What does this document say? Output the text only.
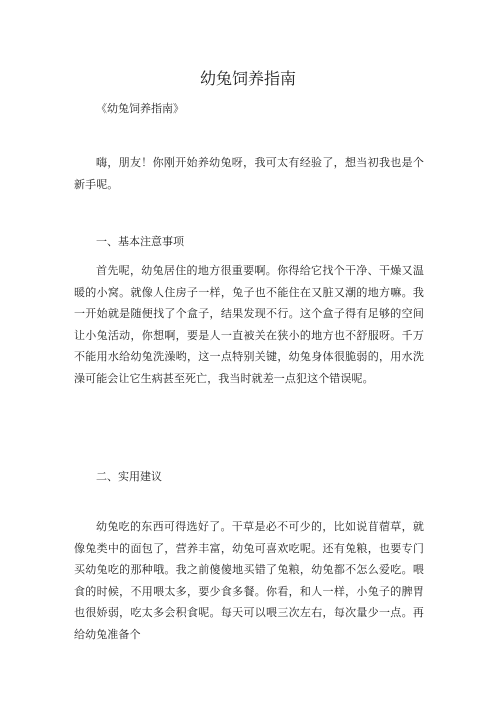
幼兔饲养指南

《幼兔饲养指南》

嗨，朋友！你刚开始养幼兔呀，我可太有经验了，想当初我也是个新手呢。

一、基本注意事项

首先呢，幼兔居住的地方很重要啊。你得给它找个干净、干燥又温暖的小窝。就像人住房子一样，兔子也不能住在又脏又潮的地方嘛。我一开始就是随便找了个盒子，结果发现不行。这个盒子得有足够的空间让小兔活动，你想啊，要是人一直被关在狭小的地方也不舒服呀。千万不能用水给幼兔洗澡哟，这一点特别关键，幼兔身体很脆弱的，用水洗澡可能会让它生病甚至死亡，我当时就差一点犯这个错误呢。

二、实用建议

幼兔吃的东西可得选好了。干草是必不可少的，比如说苜蓿草，就像兔类中的面包了，营养丰富，幼兔可喜欢吃呢。还有兔粮，也要专门买幼兔吃的那种哦。我之前傻傻地买错了兔粮，幼兔都不怎么爱吃。喂食的时候，不用喂太多，要少食多餐。你看，和人一样，小兔子的脾胃也很娇弱，吃太多会积食呢。每天可以喂三次左右，每次量少一点。再给幼兔准备个
